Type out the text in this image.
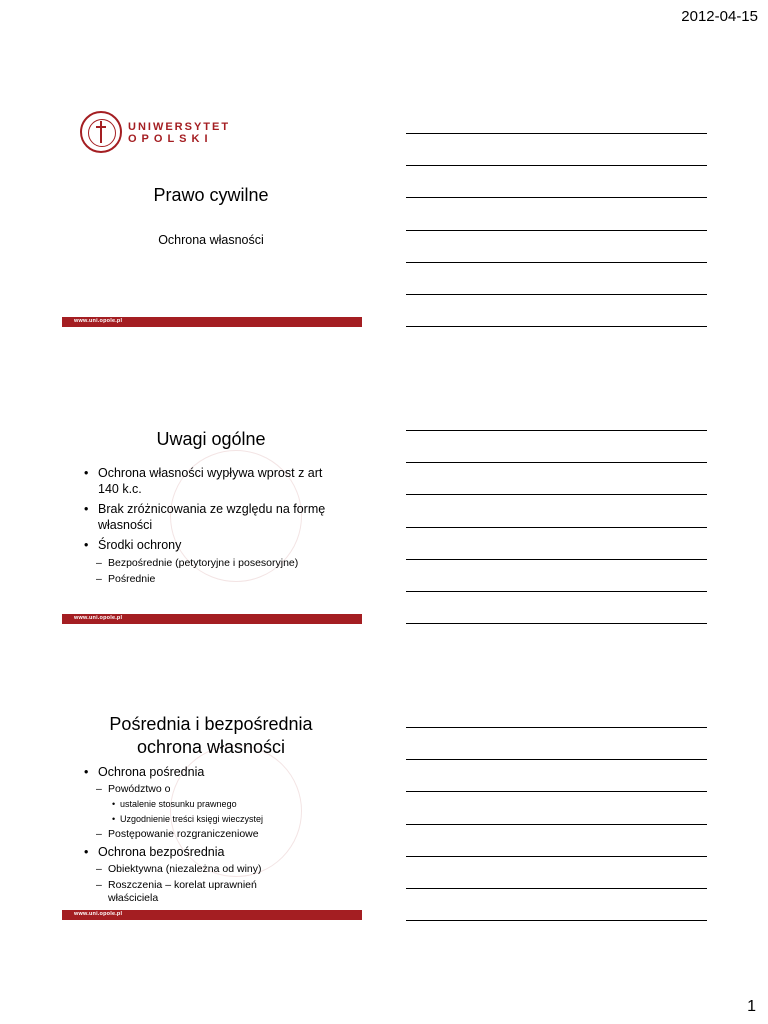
2012-04-15
1
UNIWERSYTET
OPOLSKI
Prawo cywilne
Ochrona własności
www.uni.opole.pl
Uwagi ogólne
• Ochrona własności wypływa wprost z art 140 k.c.
• Brak zróżnicowania ze względu na formę własności
• Środki ochrony
– Bezpośrednie (petytoryjne i posesoryjne)
– Pośrednie
www.uni.opole.pl
Pośrednia i bezpośrednia ochrona własności
• Ochrona pośrednia
– Powództwo o
• ustalenie stosunku prawnego
• Uzgodnienie treści księgi wieczystej
– Postępowanie rozgraniczeniowe
• Ochrona bezpośrednia
– Obiektywna (niezależna od winy)
– Roszczenia – korelat uprawnień właściciela
www.uni.opole.pl
